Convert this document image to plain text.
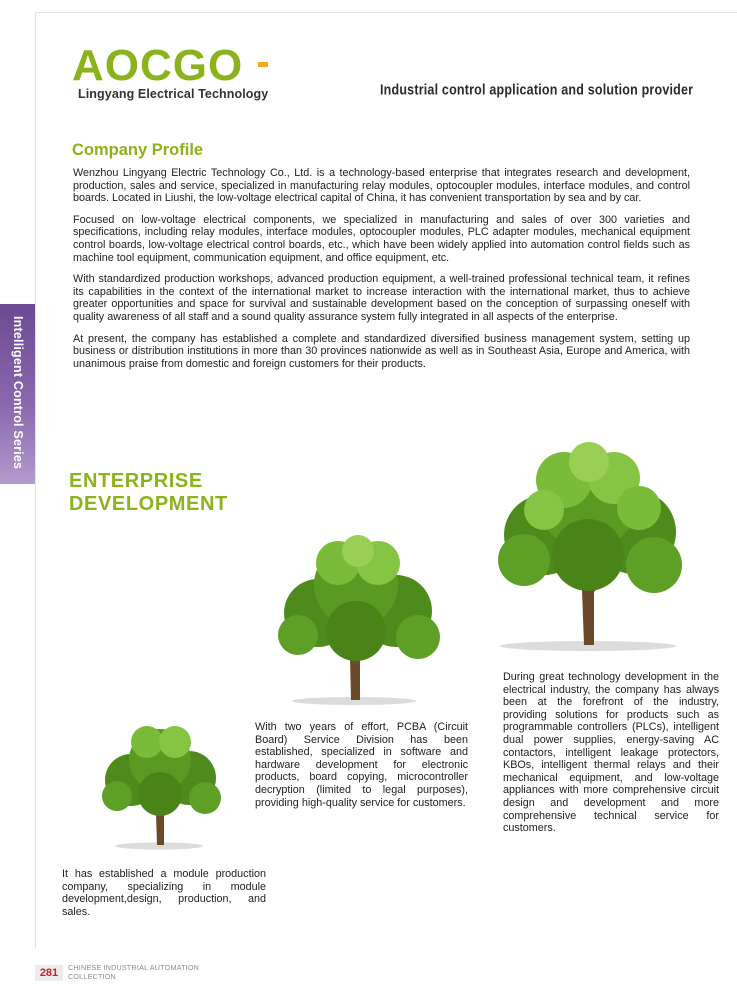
AOCGO
Lingyang Electrical Technology	Industrial control application and solution provider
Company Profile

Wenzhou Lingyang Electric Technology Co., Ltd. is a technology-based enterprise that integrates research and development, production, sales and service, specialized in manufacturing relay modules, optocoupler modules, interface modules, and control boards. Located in Liushi, the low-voltage electrical capital of China, it has convenient transportation by sea and by car.

Focused on low-voltage electrical components, we specialized in manufacturing and sales of over 300 varieties and specifications, including relay modules, interface modules, optocoupler modules, PLC adapter modules, mechanical equipment control boards, low-voltage electrical control boards, etc., which have been widely applied into automation control fields such as machine tool equipment, communication equipment, and office equipment, etc.

With standardized production workshops, advanced production equipment, a well-trained professional technical team, it refines its capabilities in the context of the international market to increase interaction with the international market, thus to achieve greater opportunities and space for survival and sustainable development based on the conception of surpassing oneself with quality awareness of all staff and a sound quality assurance system fully integrated in all aspects of the enterprise.

At present, the company has established a complete and standardized diversified business management system, setting up business or distribution institutions in more than 30 provinces nationwide as well as in Southeast Asia, Europe and America, with unanimous praise from domestic and foreign customers for their products.

Intelligent Control Series
ENTERPRISE
DEVELOPMENT
During great technology development in the electrical industry, the company has always been at the forefront of the industry, providing solutions for products such as programmable controllers (PLCs), intelligent dual power supplies, energy-saving AC contactors, intelligent leakage protectors, KBOs, intelligent thermal relays and their mechanical equipment, and low-voltage appliances with more comprehensive circuit design and development and more comprehensive technical service for customers.
With two years of effort, PCBA (Circuit Board) Service Division has been established, specialized in software and hardware development for electronic products, board copying, microcontroller decryption (limited to legal purposes), providing high-quality service for customers.
It has established a module production company, specializing in module development,design, production, and sales.
281	CHINESE INDUSTRIAL AUTOMATION
COLLECTION
